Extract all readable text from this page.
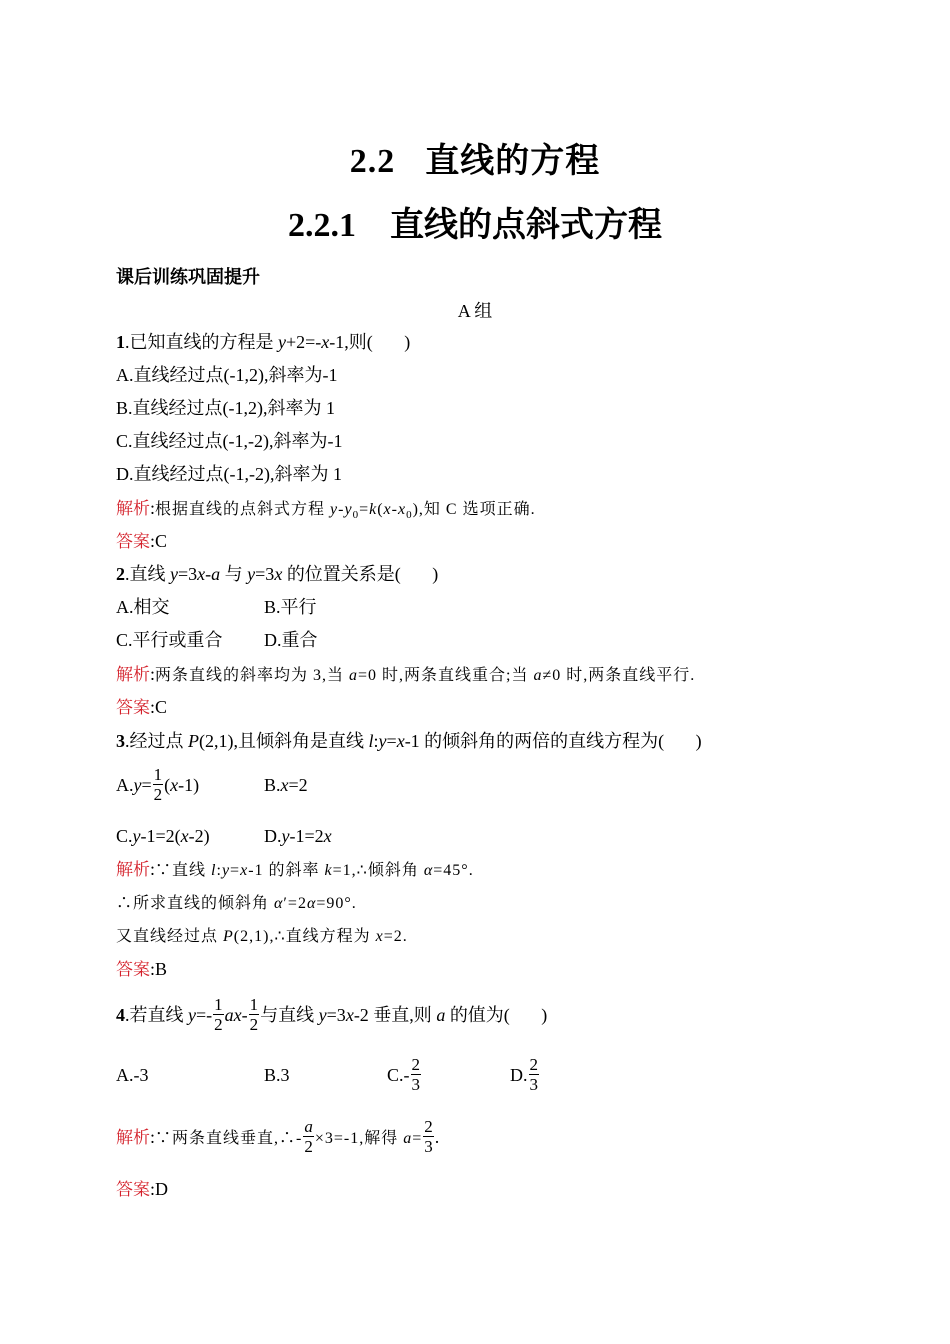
2.2 直线的方程
2.2.1 直线的点斜式方程
课后训练巩固提升
A 组
1.已知直线的方程是 y+2=-x-1,则(       )
A.直线经过点(-1,2),斜率为-1
B.直线经过点(-1,2),斜率为 1
C.直线经过点(-1,-2),斜率为-1
D.直线经过点(-1,-2),斜率为 1
解析:根据直线的点斜式方程 $y-y_0=k(x-x_0)$,知 C 选项正确.
答案:C
2.直线 y=3x-a 与 y=3x 的位置关系是(       )
A.相交	B.平行
C.平行或重合 D.重合
解析:两条直线的斜率均为 3,当 a=0 时,两条直线重合;当 a≠0 时,两条直线平行.
答案:C
3.经过点 P(2,1),且倾斜角是直线 l:y=x-1 的倾斜角的两倍的直线方程为(       )
$A.y= \frac{1}{2} (x-1)$	B.x=2
C.y-1=2(x-2)	D.y-1=2x
解析:∵直线 l:y=x-1 的斜率 k=1,∴倾斜角 α=45°.
∴所求直线的倾斜角 α′=2α=90°.
又直线经过点 P(2,1),∴直线方程为 x=2.
答案:B
4.若直线 $y=- \frac{1}{2} ax- \frac{1}{2}$ 与直线 y=3x-2 垂直,则 a 的值为(       )
A.-3	B.3	$C.- \frac{2}{3}$	D. $\frac{2}{3}$
解析:∵两条直线垂直,∴- $\frac{a}{2} \times 3=-1$,解得 $a= \frac{2}{3}$ .
答案:D
